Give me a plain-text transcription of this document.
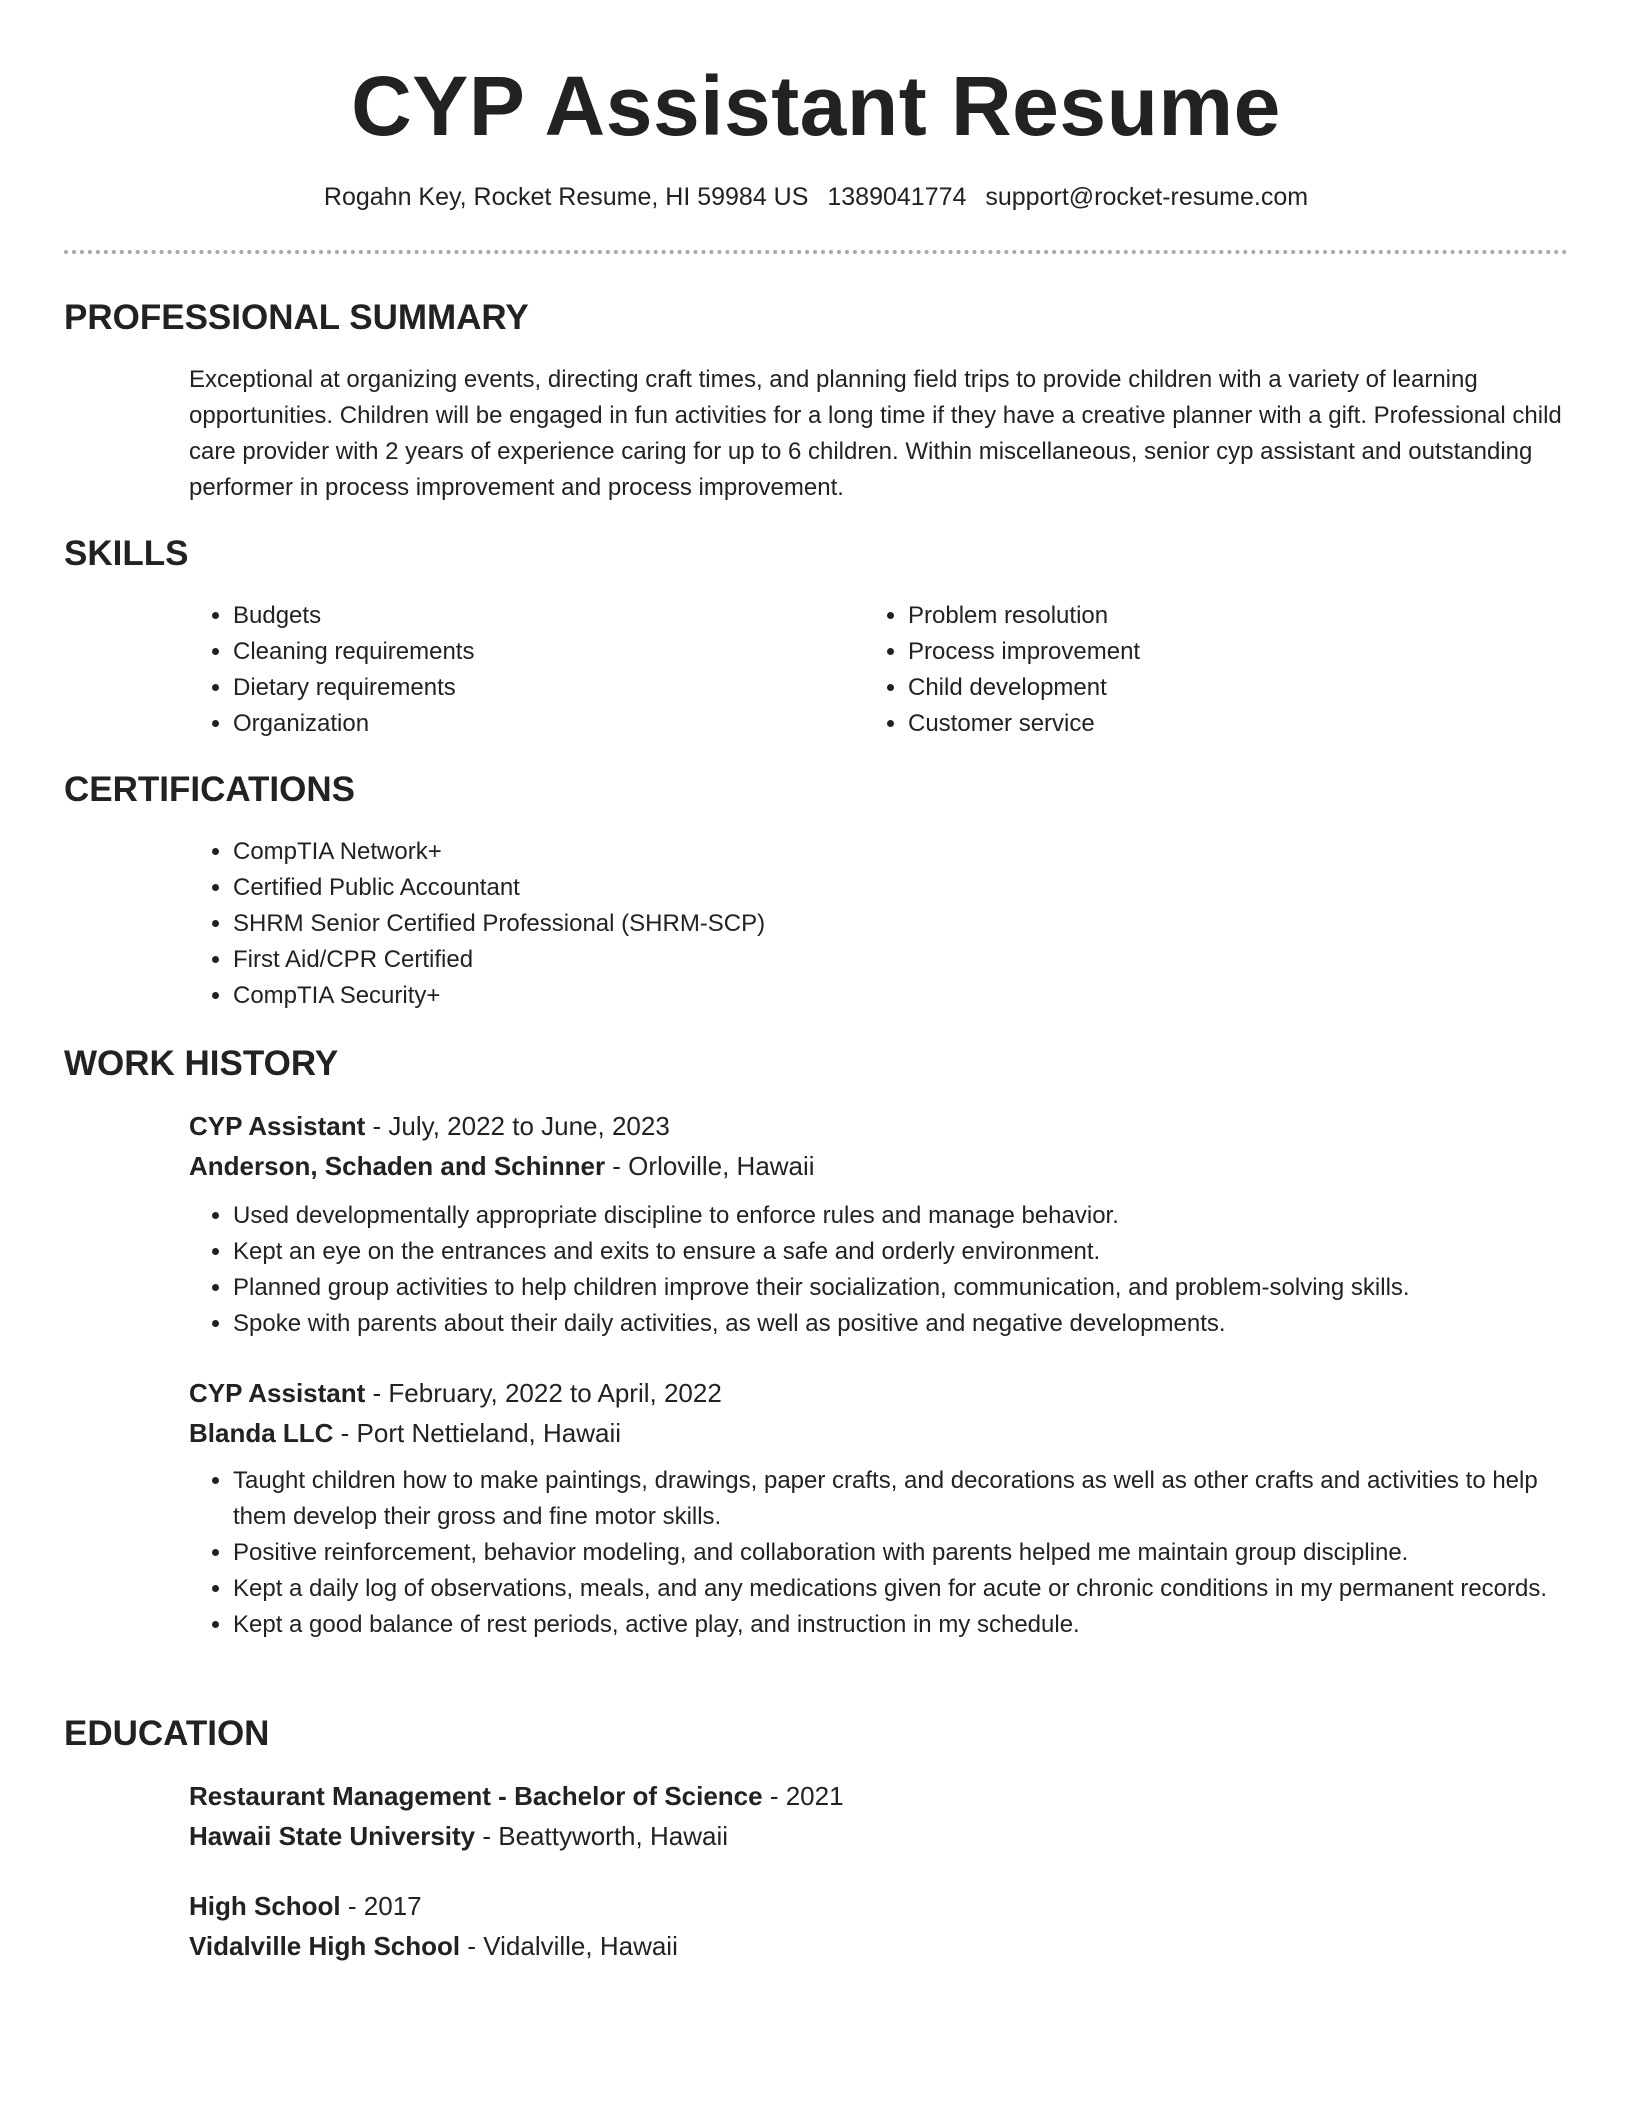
CYP Assistant Resume
Rogahn Key, Rocket Resume, HI 59984 US 1389041774 support@rocket-resume.com
PROFESSIONAL SUMMARY
Exceptional at organizing events, directing craft times, and planning field trips to provide children with a variety of learning opportunities. Children will be engaged in fun activities for a long time if they have a creative planner with a gift. Professional child care provider with 2 years of experience caring for up to 6 children. Within miscellaneous, senior cyp assistant and outstanding performer in process improvement and process improvement.
SKILLS
• Budgets
• Cleaning requirements
• Dietary requirements
• Organization
• Problem resolution
• Process improvement
• Child development
• Customer service
CERTIFICATIONS
• CompTIA Network+
• Certified Public Accountant
• SHRM Senior Certified Professional (SHRM-SCP)
• First Aid/CPR Certified
• CompTIA Security+
WORK HISTORY
CYP Assistant - July, 2022 to June, 2023
Anderson, Schaden and Schinner - Orloville, Hawaii
• Used developmentally appropriate discipline to enforce rules and manage behavior.
• Kept an eye on the entrances and exits to ensure a safe and orderly environment.
• Planned group activities to help children improve their socialization, communication, and problem-solving skills.
• Spoke with parents about their daily activities, as well as positive and negative developments.
CYP Assistant - February, 2022 to April, 2022
Blanda LLC - Port Nettieland, Hawaii
• Taught children how to make paintings, drawings, paper crafts, and decorations as well as other crafts and activities to help them develop their gross and fine motor skills.
• Positive reinforcement, behavior modeling, and collaboration with parents helped me maintain group discipline.
• Kept a daily log of observations, meals, and any medications given for acute or chronic conditions in my permanent records.
• Kept a good balance of rest periods, active play, and instruction in my schedule.
EDUCATION
Restaurant Management - Bachelor of Science - 2021
Hawaii State University - Beattyworth, Hawaii
High School - 2017
Vidalville High School - Vidalville, Hawaii
